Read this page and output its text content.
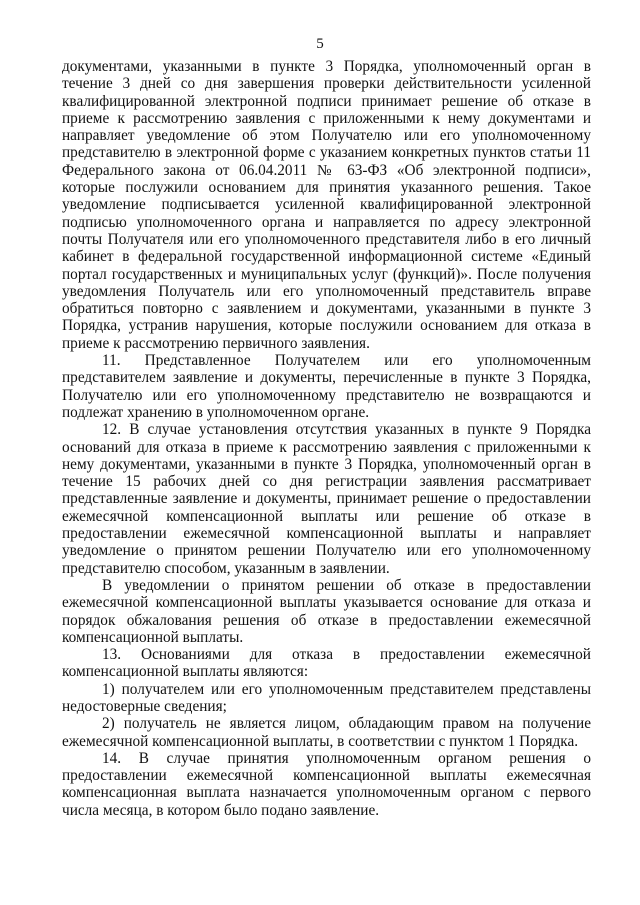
5

документами, указанными в пункте 3 Порядка, уполномоченный орган в течение 3 дней со дня завершения проверки действительности усиленной квалифицированной электронной подписи принимает решение об отказе в приеме к рассмотрению заявления с приложенными к нему документами и направляет уведомление об этом Получателю или его уполномоченному представителю в электронной форме с указанием конкретных пунктов статьи 11 Федерального закона от 06.04.2011 № 63-ФЗ «Об электронной подписи», которые послужили основанием для принятия указанного решения. Такое уведомление подписывается усиленной квалифицированной электронной подписью уполномоченного органа и направляется по адресу электронной почты Получателя или его уполномоченного представителя либо в его личный кабинет в федеральной государственной информационной системе «Единый портал государственных и муниципальных услуг (функций)». После получения уведомления Получатель или его уполномоченный представитель вправе обратиться повторно с заявлением и документами, указанными в пункте 3 Порядка, устранив нарушения, которые послужили основанием для отказа в приеме к рассмотрению первичного заявления.

11. Представленное Получателем или его уполномоченным представителем заявление и документы, перечисленные в пункте 3 Порядка, Получателю или его уполномоченному представителю не возвращаются и подлежат хранению в уполномоченном органе.

12. В случае установления отсутствия указанных в пункте 9 Порядка оснований для отказа в приеме к рассмотрению заявления с приложенными к нему документами, указанными в пункте 3 Порядка, уполномоченный орган в течение 15 рабочих дней со дня регистрации заявления рассматривает представленные заявление и документы, принимает решение о предоставлении ежемесячной компенсационной выплаты или решение об отказе в предоставлении ежемесячной компенсационной выплаты и направляет уведомление о принятом решении Получателю или его уполномоченному представителю способом, указанным в заявлении.

В уведомлении о принятом решении об отказе в предоставлении ежемесячной компенсационной выплаты указывается основание для отказа и порядок обжалования решения об отказе в предоставлении ежемесячной компенсационной выплаты.

13. Основаниями для отказа в предоставлении ежемесячной компенсационной выплаты являются:

1) получателем или его уполномоченным представителем представлены недостоверные сведения;

2) получатель не является лицом, обладающим правом на получение ежемесячной компенсационной выплаты, в соответствии с пунктом 1 Порядка.

14. В случае принятия уполномоченным органом решения о предоставлении ежемесячной компенсационной выплаты ежемесячная компенсационная выплата назначается уполномоченным органом с первого числа месяца, в котором было подано заявление.
